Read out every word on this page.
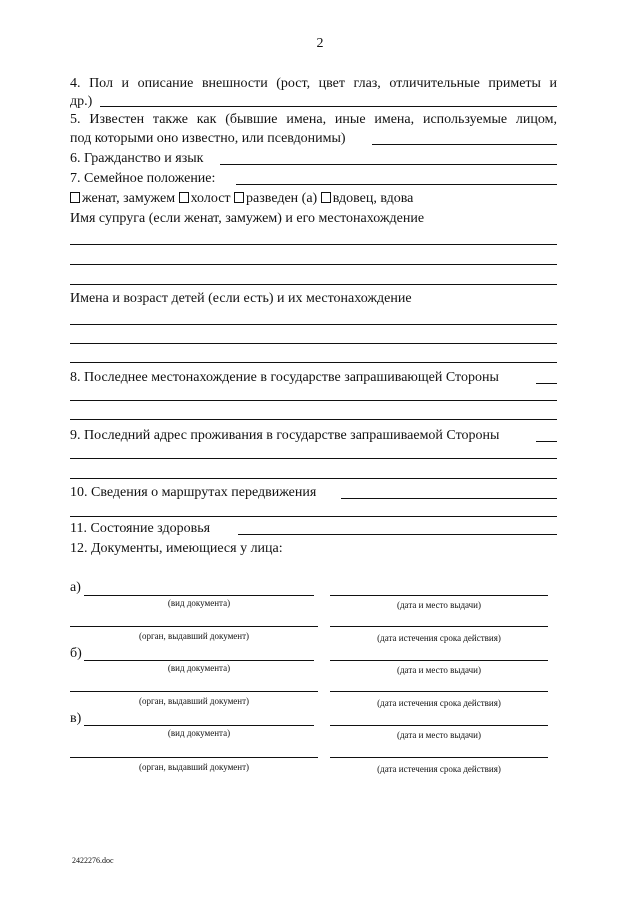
2
4. Пол и описание внешности (рост, цвет глаз, отличительные приметы и
др.)
5. Известен также как (бывшие имена, иные имена, используемые лицом,
под которыми оно известно, или псевдонимы)
6. Гражданство и язык
7. Семейное положение:
женат, замужем холост разведен (а) вдовец, вдова
Имя супруга (если женат, замужем) и его местонахождение
Имена и возраст детей (если есть) и их местонахождение
8. Последнее местонахождение в государстве запрашивающей Стороны
9. Последний адрес проживания в государстве запрашиваемой Стороны
10. Сведения о маршрутах передвижения
11. Состояние здоровья
12. Документы, имеющиеся у лица:
а)
(вид документа)	(дата и место выдачи)
(орган, выдавший документ)	(дата истечения срока действия)
б)
(вид документа)	(дата и место выдачи)
(орган, выдавший документ)	(дата истечения срока действия)
в)
(вид документа)	(дата и место выдачи)
(орган, выдавший документ)	(дата истечения срока действия)
2422276.doc
